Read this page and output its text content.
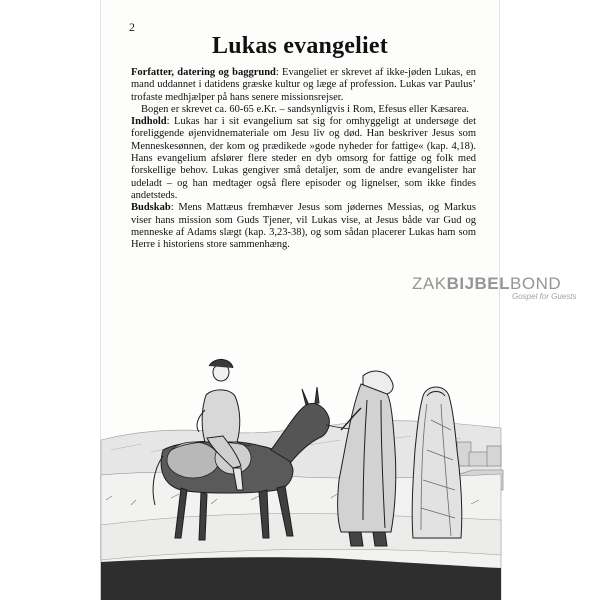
2
Lukas evangeliet

Forfatter, datering og baggrund: Evangeliet er skrevet af ikke-jøden Lukas, en mand uddannet i datidens græske kultur og læge af profession. Lukas var Paulus’ trofaste medhjælper på hans senere missionsrejser.

Bogen er skrevet ca. 60-65 e.Kr. – sandsynligvis i Rom, Efesus eller Kæsarea.

Indhold: Lukas har i sit evangelium sat sig for omhyggeligt at undersøge det foreliggende øjenvidnemateriale om Jesu liv og død. Han beskriver Jesus som Menneskesønnen, der kom og prædikede »gode nyheder for fattige« (kap. 4,18). Hans evangelium afslører flere steder en dyb omsorg for fattige og folk med forskellige behov. Lukas gengiver små detaljer, som de andre evangelister har udeladt – og han medtager også flere episoder og lignelser, som ikke findes andetsteds.

Budskab: Mens Mattæus fremhæver Jesus som jødernes Messias, og Markus viser hans mission som Guds Tjener, vil Lukas vise, at Jesus både var Gud og menneske af Adams slægt (kap. 3,23-38), og som sådan placerer Lukas ham som Herre i historiens store sammenhæng.

ZAKBIJBELBOND
Gospel for Guests
